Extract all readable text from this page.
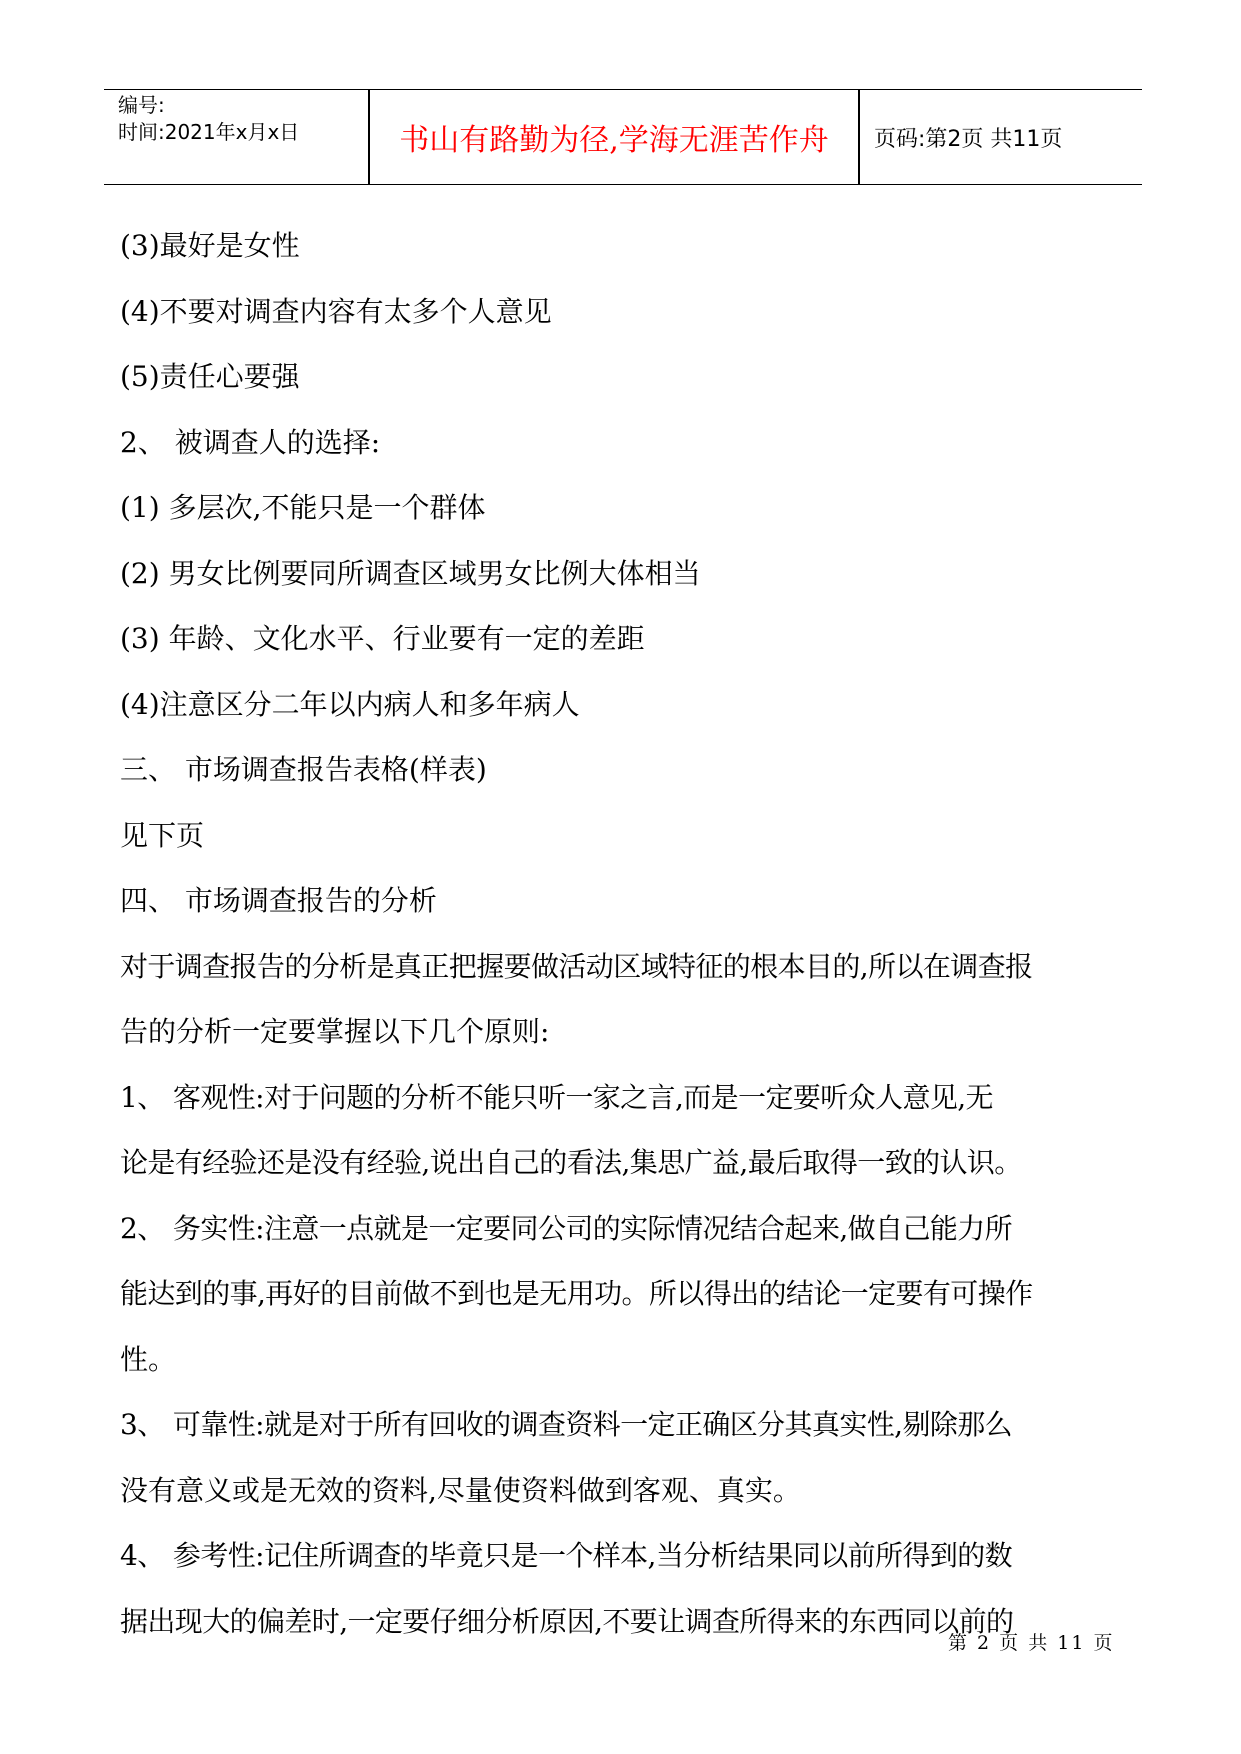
编号:
时间:2021年x月x日	书山有路勤为径,学海无涯苦作舟	页码:第2页 共11页
(3)最好是女性
(4)不要对调查内容有太多个人意见
(5)责任心要强
2、 被调查人的选择:
(1) 多层次,不能只是一个群体
(2) 男女比例要同所调查区域男女比例大体相当
(3) 年龄、文化水平、行业要有一定的差距
(4)注意区分二年以内病人和多年病人
三、 市场调查报告表格(样表)
见下页
四、 市场调查报告的分析
对于调查报告的分析是真正把握要做活动区域特征的根本目的,所以在调查报
告的分析一定要掌握以下几个原则:
1、 客观性:对于问题的分析不能只听一家之言,而是一定要听众人意见,无
论是有经验还是没有经验,说出自己的看法,集思广益,最后取得一致的认识。
2、 务实性:注意一点就是一定要同公司的实际情况结合起来,做自己能力所
能达到的事,再好的目前做不到也是无用功。所以得出的结论一定要有可操作
性。
3、 可靠性:就是对于所有回收的调查资料一定正确区分其真实性,剔除那么
没有意义或是无效的资料,尽量使资料做到客观、真实。
4、 参考性:记住所调查的毕竟只是一个样本,当分析结果同以前所得到的数
据出现大的偏差时,一定要仔细分析原因,不要让调查所得来的东西同以前的
第 2 页 共 11 页
